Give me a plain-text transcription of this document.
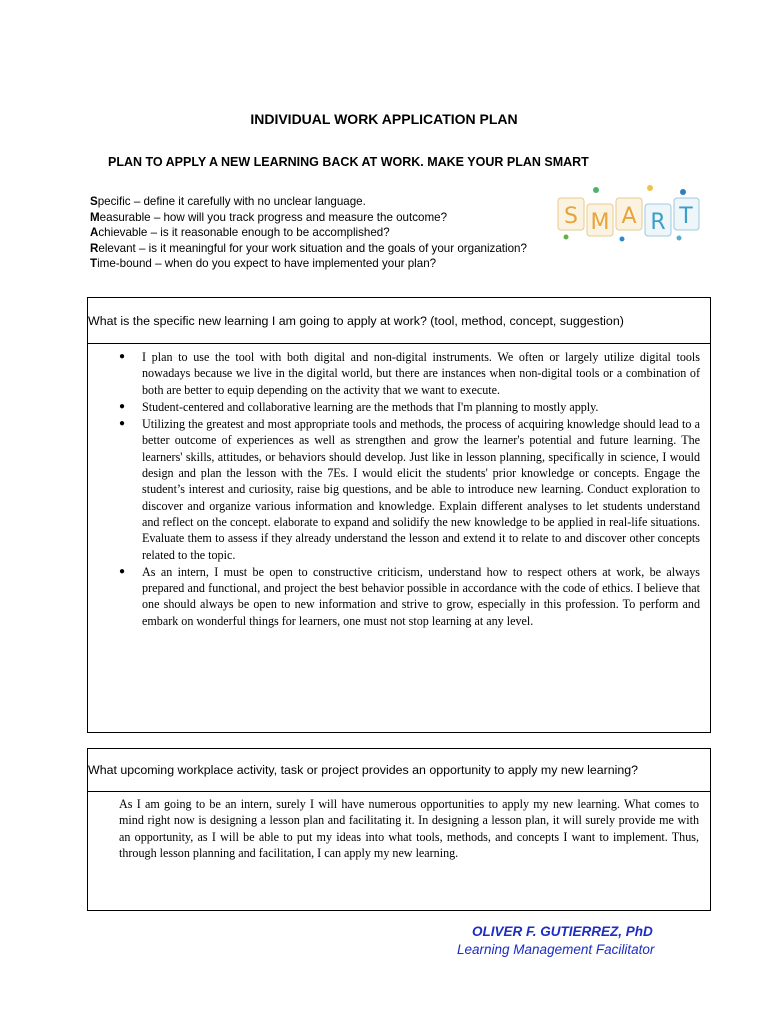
INDIVIDUAL WORK APPLICATION PLAN
PLAN TO APPLY A NEW LEARNING BACK AT WORK. MAKE YOUR PLAN SMART
Specific – define it carefully with no unclear language.
Measurable – how will you track progress and measure the outcome?
Achievable – is it reasonable enough to be accomplished?
Relevant – is it meaningful for your work situation and the goals of your organization?
Time-bound – when do you expect to have implemented your plan?
S M A R T
What is the specific new learning I am going to apply at work? (tool, method, concept, suggestion)
● I plan to use the tool with both digital and non-digital instruments. We often or largely utilize digital tools nowadays because we live in the digital world, but there are instances when non-digital tools or a combination of both are better to equip depending on the activity that we want to execute.
● Student-centered and collaborative learning are the methods that I'm planning to mostly apply.
● Utilizing the greatest and most appropriate tools and methods, the process of acquiring knowledge should lead to a better outcome of experiences as well as strengthen and grow the learner's potential and future learning. The learners' skills, attitudes, or behaviors should develop. Just like in lesson planning, specifically in science, I would design and plan the lesson with the 7Es. I would elicit the students' prior knowledge or concepts. Engage the student’s interest and curiosity, raise big questions, and be able to introduce new learning. Conduct exploration to discover and organize various information and knowledge. Explain different analyses to let students understand and reflect on the concept. elaborate to expand and solidify the new knowledge to be applied in real-life situations. Evaluate them to assess if they already understand the lesson and extend it to relate to and discover other concepts related to the topic.
● As an intern, I must be open to constructive criticism, understand how to respect others at work, be always prepared and functional, and project the best behavior possible in accordance with the code of ethics. I believe that one should always be open to new information and strive to grow, especially in this profession. To perform and embark on wonderful things for learners, one must not stop learning at any level.
What upcoming workplace activity, task or project provides an opportunity to apply my new learning?
As I am going to be an intern, surely I will have numerous opportunities to apply my new learning. What comes to mind right now is designing a lesson plan and facilitating it. In designing a lesson plan, it will surely provide me with an opportunity, as I will be able to put my ideas into what tools, methods, and concepts I want to implement. Thus, through lesson planning and facilitation, I can apply my new learning.
OLIVER F. GUTIERREZ, PhD
Learning Management Facilitator
